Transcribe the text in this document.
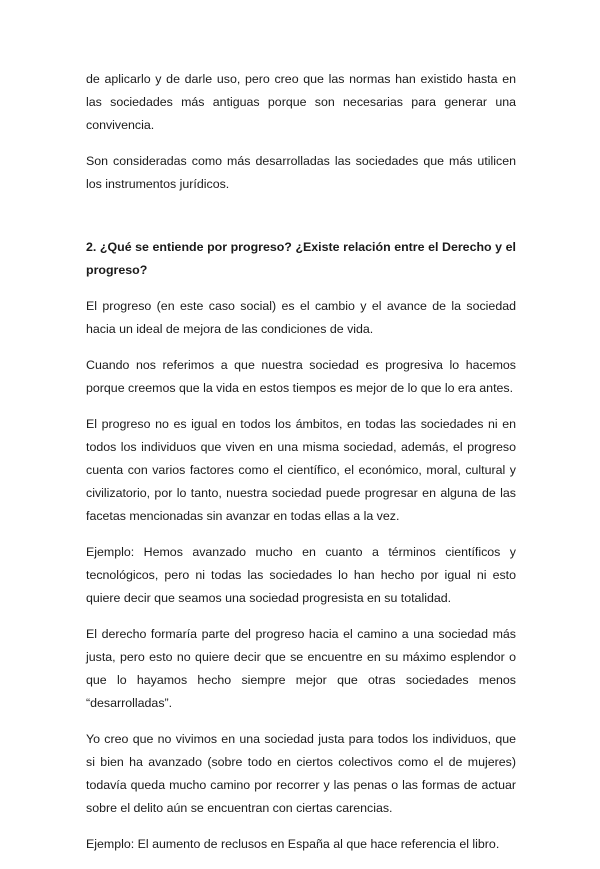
de aplicarlo y de darle uso, pero creo que las normas han existido hasta en las sociedades más antiguas porque son necesarias para generar una convivencia.

Son consideradas como más desarrolladas las sociedades que más utilicen los instrumentos jurídicos.

2. ¿Qué se entiende por progreso? ¿Existe relación entre el Derecho y el progreso?

El progreso (en este caso social) es el cambio y el avance de la sociedad hacia un ideal de mejora de las condiciones de vida.

Cuando nos referimos a que nuestra sociedad es progresiva lo hacemos porque creemos que la vida en estos tiempos es mejor de lo que lo era antes.

El progreso no es igual en todos los ámbitos, en todas las sociedades ni en todos los individuos que viven en una misma sociedad, además, el progreso cuenta con varios factores como el científico, el económico, moral, cultural y civilizatorio, por lo tanto, nuestra sociedad puede progresar en alguna de las facetas mencionadas sin avanzar en todas ellas a la vez.

Ejemplo: Hemos avanzado mucho en cuanto a términos científicos y tecnológicos, pero ni todas las sociedades lo han hecho por igual ni esto quiere decir que seamos una sociedad progresista en su totalidad.

El derecho formaría parte del progreso hacia el camino a una sociedad más justa, pero esto no quiere decir que se encuentre en su máximo esplendor o que lo hayamos hecho siempre mejor que otras sociedades menos “desarrolladas”.

Yo creo que no vivimos en una sociedad justa para todos los individuos, que si bien ha avanzado (sobre todo en ciertos colectivos como el de mujeres) todavía queda mucho camino por recorrer y las penas o las formas de actuar sobre el delito aún se encuentran con ciertas carencias.

Ejemplo: El aumento de reclusos en España al que hace referencia el libro.
